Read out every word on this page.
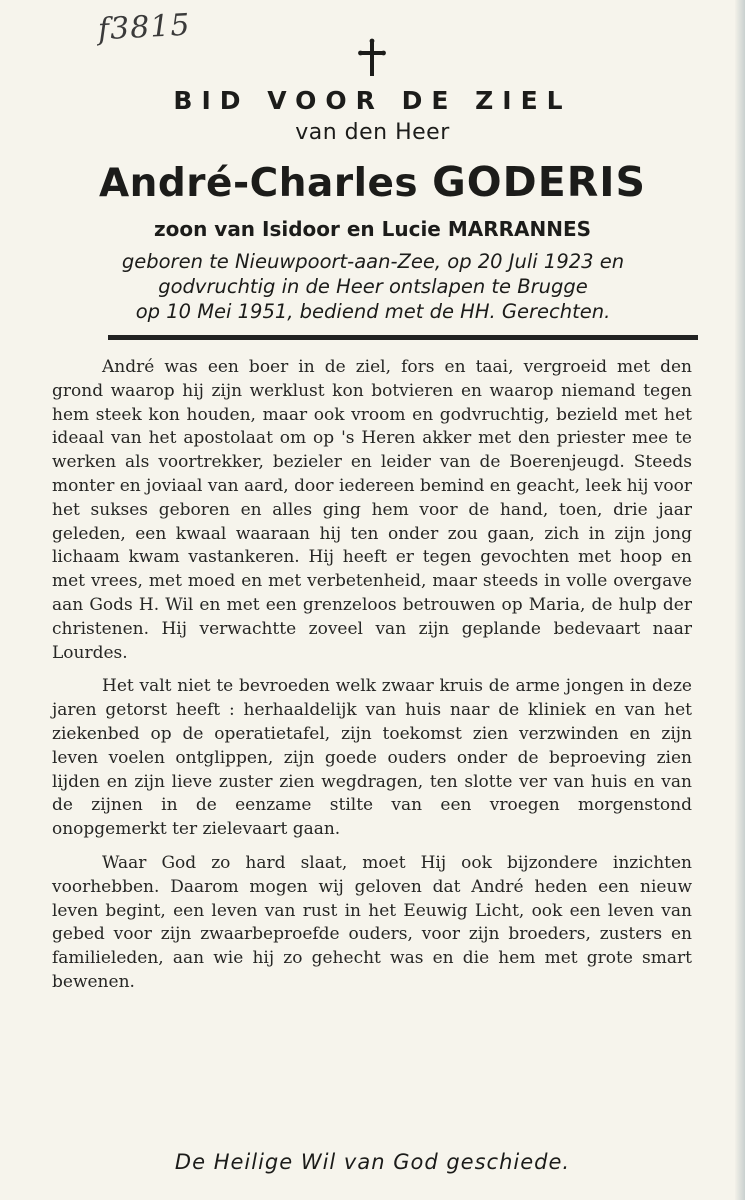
f3815
BID VOOR DE ZIEL
van den Heer
André-Charles GODERIS
zoon van Isidoor en Lucie MARRANNES
geboren te Nieuwpoort-aan-Zee, op 20 Juli 1923 en
godvruchtig in de Heer ontslapen te Brugge
op 10 Mei 1951, bediend met de HH. Gerechten.

André was een boer in de ziel, fors en taai, vergroeid met den grond waarop hij zijn werklust kon botvieren en waarop niemand tegen hem steek kon houden, maar ook vroom en godvruchtig, bezield met het ideaal van het apostolaat om op 's Heren akker met den priester mee te werken als voortrekker, bezieler en leider van de Boerenjeugd. Steeds monter en joviaal van aard, door iedereen bemind en geacht, leek hij voor het sukses geboren en alles ging hem voor de hand, toen, drie jaar geleden, een kwaal waaraan hij ten onder zou gaan, zich in zijn jong lichaam kwam vastankeren. Hij heeft er tegen gevochten met hoop en met vrees, met moed en met verbetenheid, maar steeds in volle overgave aan Gods H. Wil en met een grenzeloos betrouwen op Maria, de hulp der christenen. Hij verwachtte zoveel van zijn geplande bedevaart naar Lourdes.

Het valt niet te bevroeden welk zwaar kruis de arme jongen in deze jaren getorst heeft : herhaaldelijk van huis naar de kliniek en van het ziekenbed op de operatietafel, zijn toekomst zien verzwinden en zijn leven voelen ontglippen, zijn goede ouders onder de beproeving zien lijden en zijn lieve zuster zien wegdragen, ten slotte ver van huis en van de zijnen in de eenzame stilte van een vroegen morgenstond onopgemerkt ter zielevaart gaan.

Waar God zo hard slaat, moet Hij ook bijzondere inzichten voorhebben. Daarom mogen wij geloven dat André heden een nieuw leven begint, een leven van rust in het Eeuwig Licht, ook een leven van gebed voor zijn zwaarbeproefde ouders, voor zijn broeders, zusters en familieleden, aan wie hij zo gehecht was en die hem met grote smart bewenen.

De Heilige Wil van God geschiede.
